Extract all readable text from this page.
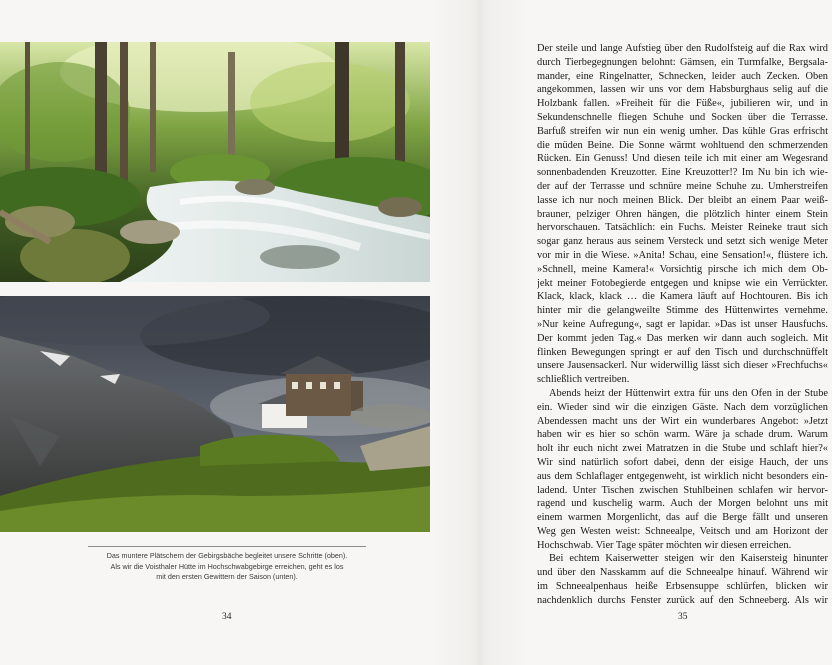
Das muntere Plätschern der Gebirgsbäche begleitet unsere Schritte (oben).
Als wir die Voisthaler Hütte im Hochschwabgebirge erreichen, geht es los
mit den ersten Gewittern der Saison (unten).
34
Der steile und lange Aufstieg über den Rudolfsteig auf die Rax wird
durch Tierbegegnungen belohnt: Gämsen, ein Turmfalke, Bergsala-
mander, eine Ringelnatter, Schnecken, leider auch Zecken. Oben
angekommen, lassen wir uns vor dem Habsburghaus selig auf die
Holzbank fallen. »Freiheit für die Füße«, jubilieren wir, und in
Sekundenschnelle fliegen Schuhe und Socken über die Terrasse.
Barfuß streifen wir nun ein wenig umher. Das kühle Gras erfrischt
die müden Beine. Die Sonne wärmt wohltuend den schmerzenden
Rücken. Ein Genuss! Und diesen teile ich mit einer am Wegesrand
sonnenbadenden Kreuzotter. Eine Kreuzotter!? Im Nu bin ich wie-
der auf der Terrasse und schnüre meine Schuhe zu. Umherstreifen
lasse ich nur noch meinen Blick. Der bleibt an einem Paar weiß-
brauner, pelziger Ohren hängen, die plötzlich hinter einem Stein
hervorschauen. Tatsächlich: ein Fuchs. Meister Reineke traut sich
sogar ganz heraus aus seinem Versteck und setzt sich wenige Meter
vor mir in die Wiese. »Anita! Schau, eine Sensation!«, flüstere ich.
»Schnell, meine Kamera!« Vorsichtig pirsche ich mich dem Ob-
jekt meiner Fotobegierde entgegen und knipse wie ein Verrückter.
Klack, klack, klack … die Kamera läuft auf Hochtouren. Bis ich
hinter mir die gelangweilte Stimme des Hüttenwirtes vernehme.
»Nur keine Aufregung«, sagt er lapidar. »Das ist unser Hausfuchs.
Der kommt jeden Tag.« Das merken wir dann auch sogleich. Mit
flinken Bewegungen springt er auf den Tisch und durchschnüffelt
unsere Jausensackerl. Nur widerwillig lässt sich dieser »Frechfuchs«
schließlich vertreiben.
Abends heizt der Hüttenwirt extra für uns den Ofen in der Stube
ein. Wieder sind wir die einzigen Gäste. Nach dem vorzüglichen
Abendessen macht uns der Wirt ein wunderbares Angebot: »Jetzt
haben wir es hier so schön warm. Wäre ja schade drum. Warum
holt ihr euch nicht zwei Matratzen in die Stube und schlaft hier?«
Wir sind natürlich sofort dabei, denn der eisige Hauch, der uns
aus dem Schlaflager entgegenweht, ist wirklich nicht besonders ein-
ladend. Unter Tischen zwischen Stuhlbeinen schlafen wir hervor-
ragend und kuschelig warm. Auch der Morgen belohnt uns mit
einem warmen Morgenlicht, das auf die Berge fällt und unseren
Weg gen Westen weist: Schneealpe, Veitsch und am Horizont der
Hochschwab. Vier Tage später möchten wir diesen erreichen.
Bei echtem Kaiserwetter steigen wir den Kaisersteig hinunter
und über den Nasskamm auf die Schneealpe hinauf. Während wir
im Schneealpenhaus heiße Erbsensuppe schlürfen, blicken wir
nachdenklich durchs Fenster zurück auf den Schneeberg. Als wir
35
